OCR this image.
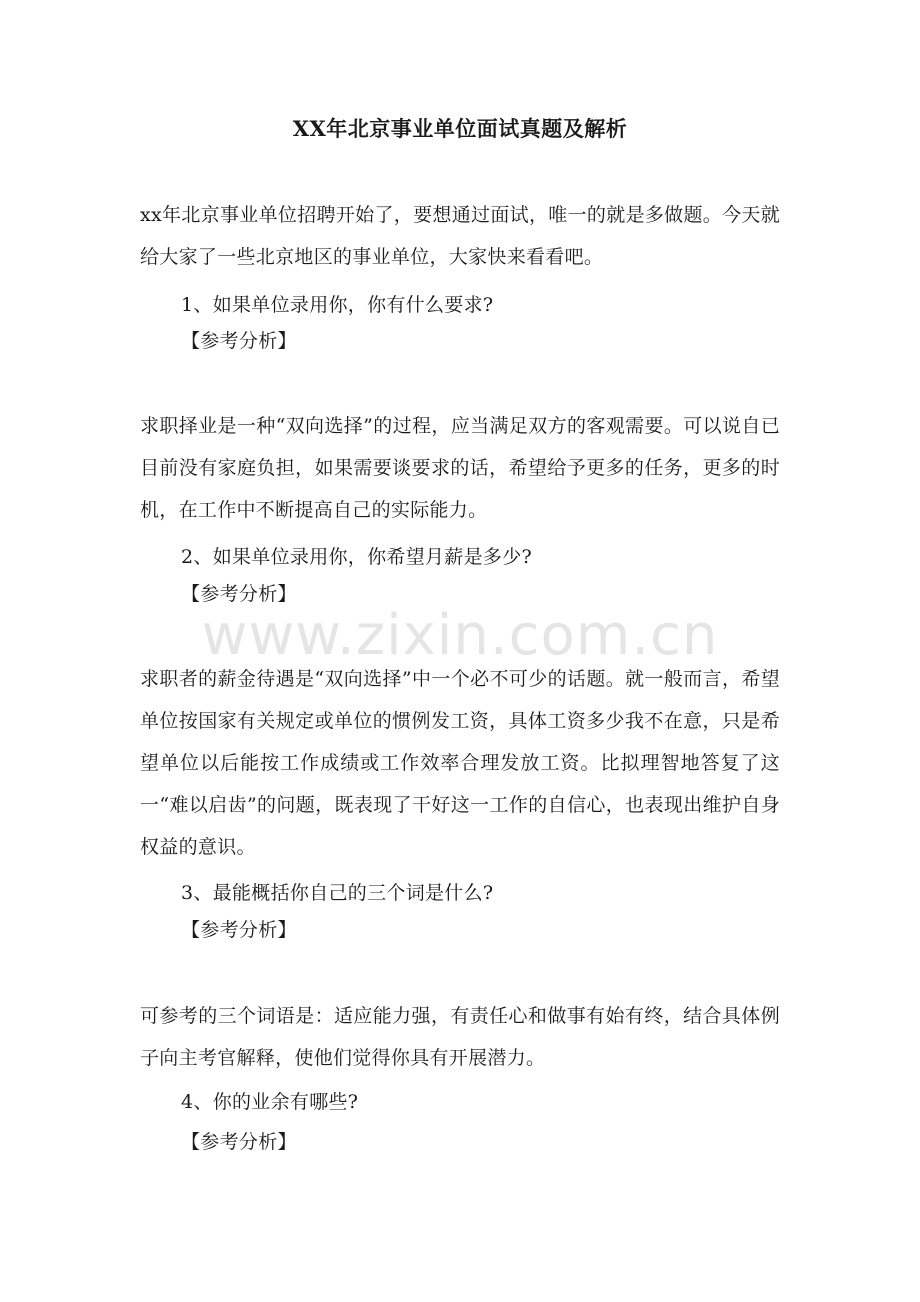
XX年北京事业单位面试真题及解析
xx年北京事业单位招聘开始了，要想通过面试，唯一的就是多做题。今天就给大家了一些北京地区的事业单位，大家快来看看吧。
1、如果单位录用你，你有什么要求?
【参考分析】
求职择业是一种“双向选择”的过程，应当满足双方的客观需要。可以说自已目前没有家庭负担，如果需要谈要求的话，希望给予更多的任务，更多的时机，在工作中不断提高自己的实际能力。
2、如果单位录用你，你希望月薪是多少?
【参考分析】
求职者的薪金待遇是“双向选择”中一个必不可少的话题。就一般而言，希望单位按国家有关规定或单位的惯例发工资，具体工资多少我不在意，只是希望单位以后能按工作成绩或工作效率合理发放工资。比拟理智地答复了这一“难以启齿”的问题，既表现了干好这一工作的自信心，也表现出维护自身权益的意识。
3、最能概括你自己的三个词是什么?
【参考分析】
可参考的三个词语是：适应能力强，有责任心和做事有始有终，结合具体例子向主考官解释，使他们觉得你具有开展潜力。
4、你的业余有哪些?
【参考分析】
www.zixin.com.cn
